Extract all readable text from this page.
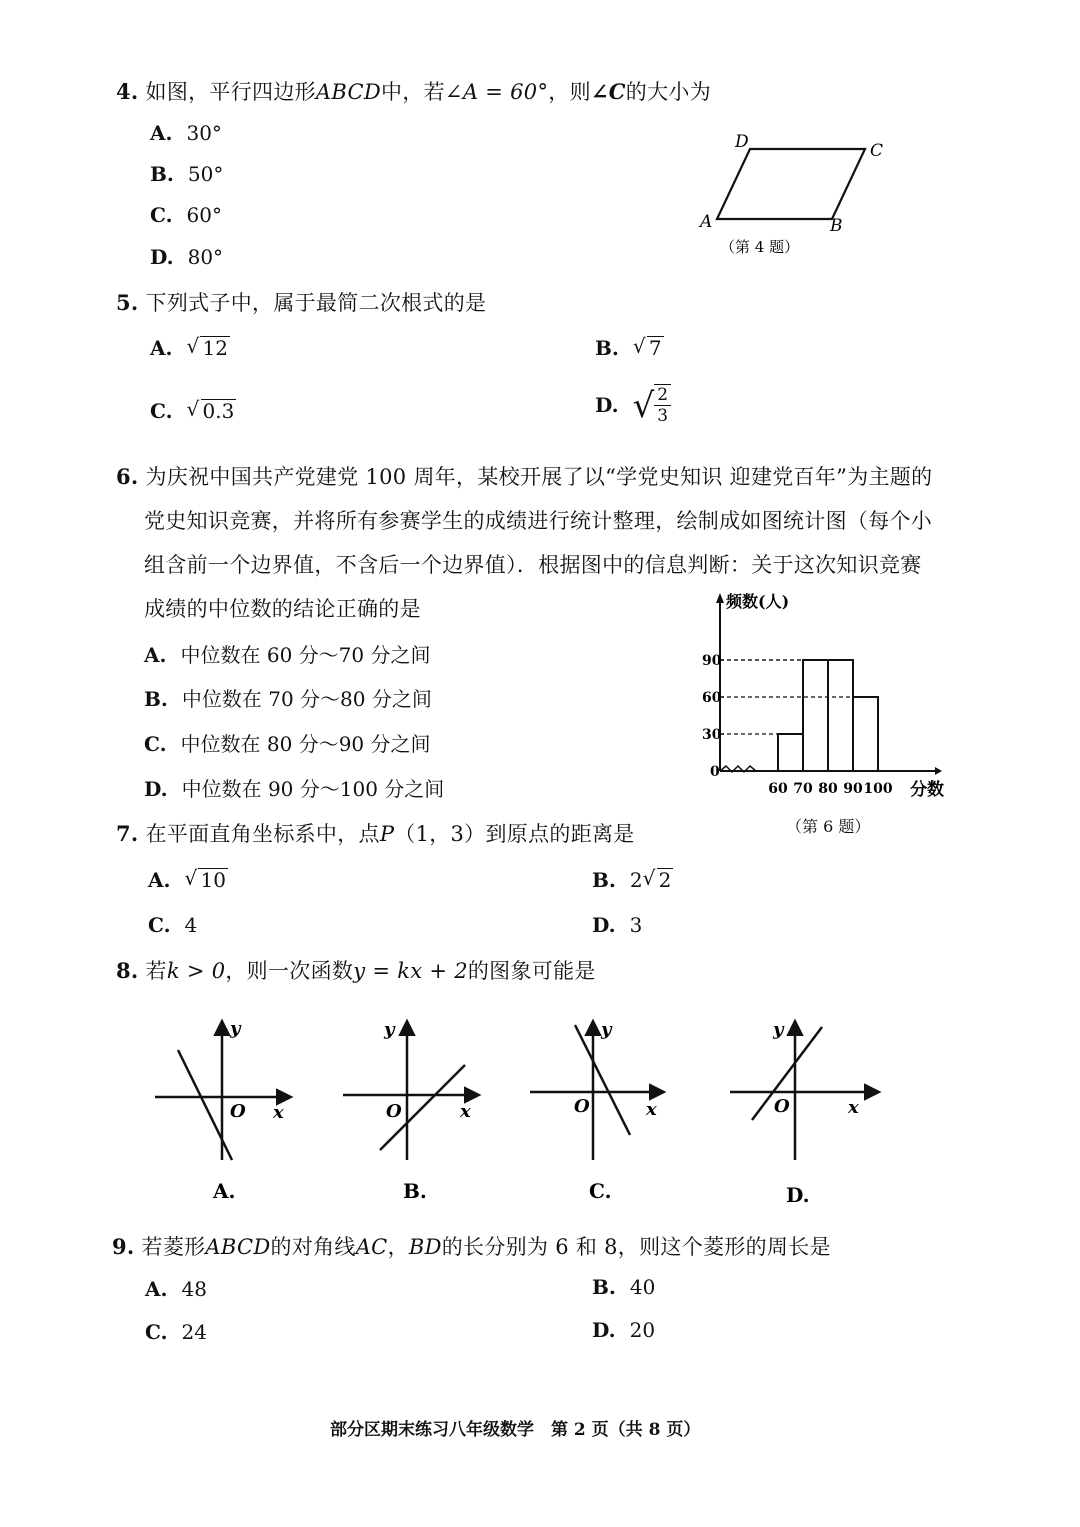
4. 如图，平行四边形ABCD中，若∠A = 60°，则∠C的大小为
A. 30°
B. 50°
C. 60°
D. 80°
D	C
A	B
（第 4 题）
5. 下列式子中，属于最简二次根式的是
A. √ 12	B. √ 7
C. √ 0.3	D. √ $\frac{2}{3}$
6. 为庆祝中国共产党建党 100 周年，某校开展了以“学党史知识 迎建党百年”为主题的
党史知识竞赛，并将所有参赛学生的成绩进行统计整理，绘制成如图统计图（每个小
组含前一个边界值，不含后一个边界值）．根据图中的信息判断：关于这次知识竞赛
成绩的中位数的结论正确的是
A. 中位数在 60 分～70 分之间
B. 中位数在 70 分～80 分之间
C. 中位数在 80 分～90 分之间
D. 中位数在 90 分～100 分之间
频数(人)
分数
0
30
60
90
60 70 80 90 100
（第 6 题）
7. 在平面直角坐标系中，点P（1，3）到原点的距离是
A. √ 10	B. 2 √ 2
C. 4	D. 3
8. 若k > 0，则一次函数y = kx + 2的图象可能是
y
O x
A.
y
O	x
B.
y
O	x
C.
y
O	x
D.
9. 若菱形ABCD的对角线AC，BD的长分别为 6 和 8，则这个菱形的周长是
A. 48	B. 40
C. 24	D. 20
部分区期末练习八年级数学　第 2 页（共 8 页）
